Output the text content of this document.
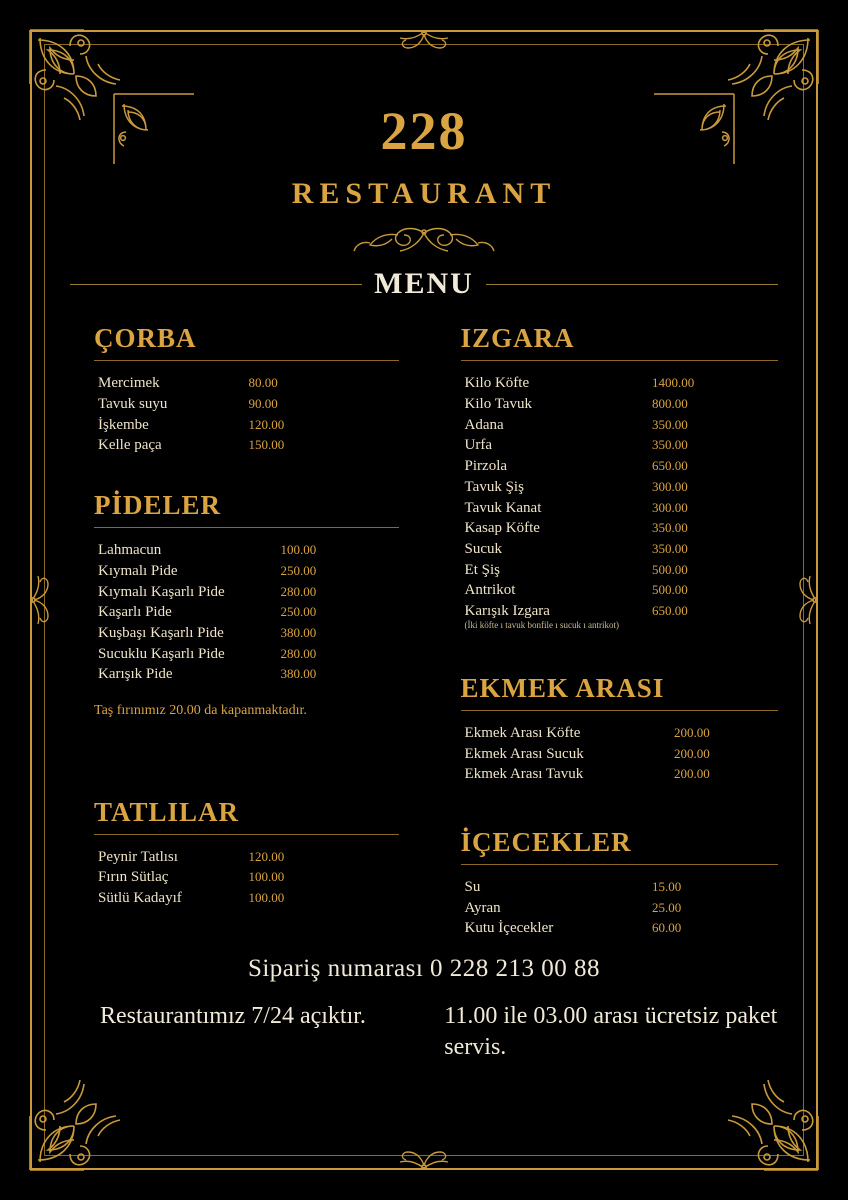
228
RESTAURANT
MENU
ÇORBA
Mercimek	80.00
Tavuk suyu	90.00
İşkembe	120.00
Kelle paça	150.00
PİDELER
Lahmacun	100.00
Kıymalı Pide	250.00
Kıymalı Kaşarlı Pide	280.00
Kaşarlı Pide	250.00
Kuşbaşı Kaşarlı Pide	380.00
Sucuklu Kaşarlı Pide	280.00
Karışık Pide	380.00
Taş fırınımız 20.00 da kapanmaktadır.
TATLILAR
Peynir Tatlısı	120.00
Fırın Sütlaç	100.00
Sütlü Kadayıf	100.00
IZGARA
Kilo Köfte	1400.00
Kilo Tavuk	800.00
Adana	350.00
Urfa	350.00
Pirzola	650.00
Tavuk Şiş	300.00
Tavuk Kanat	300.00
Kasap Köfte	350.00
Sucuk	350.00
Et Şiş	500.00
Antrikot	500.00
Karışık Izgara	650.00
(İki köfte ı tavuk bonfile ı sucuk ı antrikot)
EKMEK ARASI
Ekmek Arası Köfte	200.00
Ekmek Arası Sucuk	200.00
Ekmek Arası Tavuk	200.00
İÇECEKLER
Su	15.00
Ayran	25.00
Kutu İçecekler	60.00
Sipariş numarası 0 228 213 00 88
Restaurantımız 7/24 açıktır.	11.00 ile 03.00 arası ücretsiz paket servis.
